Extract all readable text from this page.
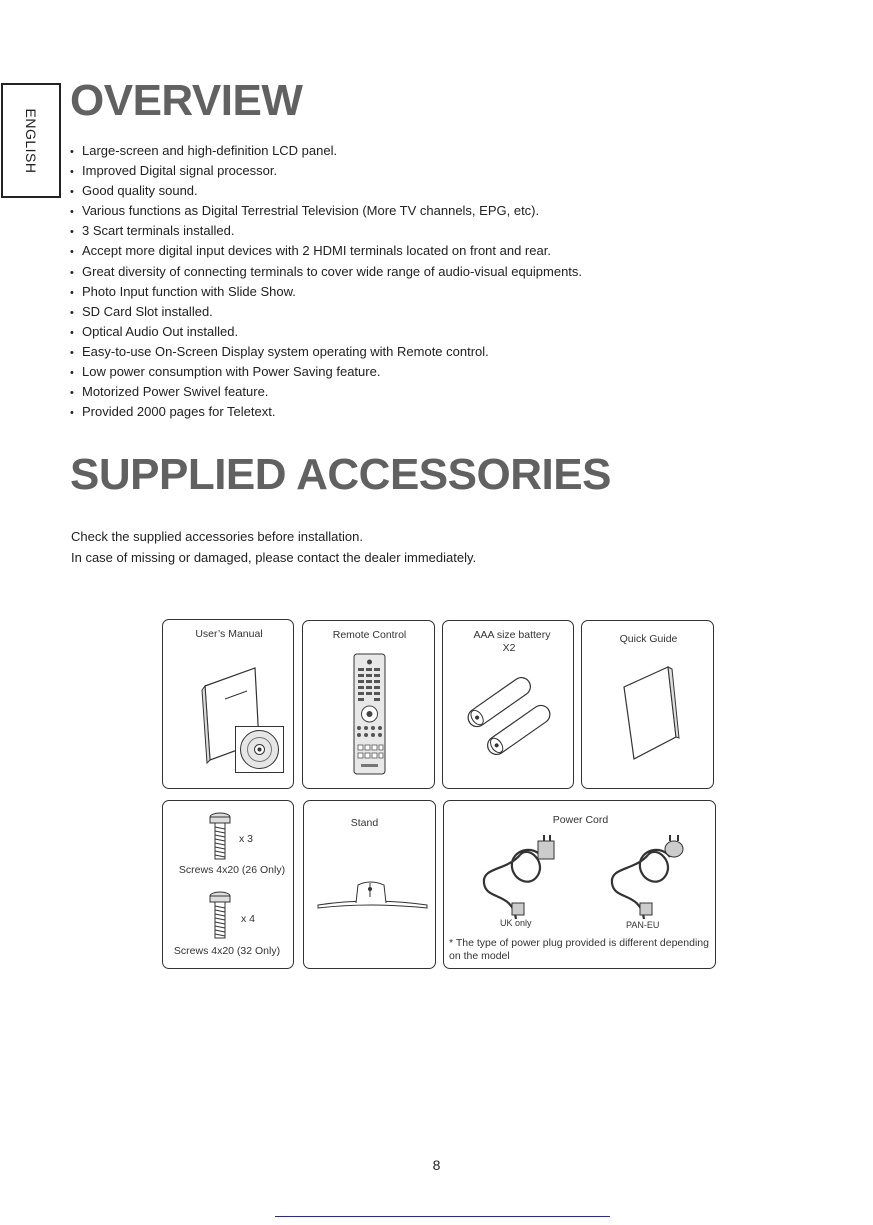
ENGLISH
OVERVIEW
• Large-screen and high-definition LCD panel.
• Improved Digital signal processor.
• Good quality sound.
• Various functions as Digital Terrestrial Television (More TV channels, EPG, etc).
• 3 Scart terminals installed.
• Accept more digital input devices with 2 HDMI terminals located on front and rear.
• Great diversity of connecting terminals to cover wide range of audio-visual equipments.
• Photo Input function with Slide Show.
• SD Card Slot installed.
• Optical Audio Out installed.
• Easy-to-use On-Screen Display system operating with Remote control.
• Low power consumption with Power Saving feature.
• Motorized Power Swivel feature.
• Provided 2000 pages for Teletext.
SUPPLIED ACCESSORIES
Check the supplied accessories before installation.
In case of missing or damaged, please contact the dealer immediately.
User’s Manual	Remote Control	AAA size battery
X2
Quick Guide
x 3
Screws 4x20 (26 Only)
x 4
Screws 4x20 (32 Only)
Stand	Power Cord
UK only	PAN-EU
* The type of power plug provided is different depending on the model
8
